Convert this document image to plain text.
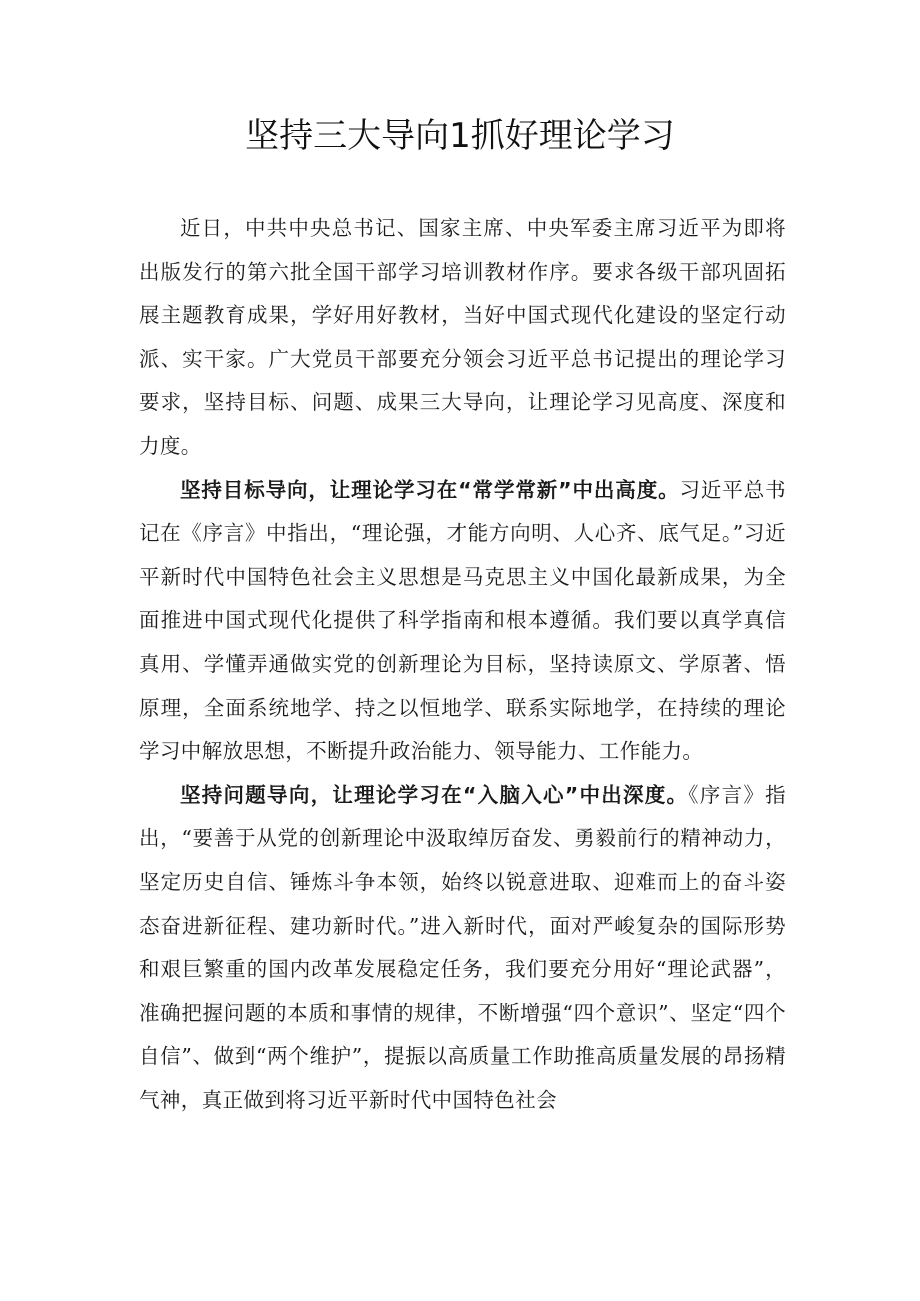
坚持三大导向1抓好理论学习

近日，中共中央总书记、国家主席、中央军委主席习近平为即将出版发行的第六批全国干部学习培训教材作序。要求各级干部巩固拓展主题教育成果，学好用好教材，当好中国式现代化建设的坚定行动派、实干家。广大党员干部要充分领会习近平总书记提出的理论学习要求，坚持目标、问题、成果三大导向，让理论学习见高度、深度和力度。

坚持目标导向，让理论学习在“常学常新”中出高度。习近平总书记在《序言》中指出，“理论强，才能方向明、人心齐、底气足。”习近平新时代中国特色社会主义思想是马克思主义中国化最新成果，为全面推进中国式现代化提供了科学指南和根本遵循。我们要以真学真信真用、学懂弄通做实党的创新理论为目标，坚持读原文、学原著、悟原理，全面系统地学、持之以恒地学、联系实际地学，在持续的理论学习中解放思想，不断提升政治能力、领导能力、工作能力。

坚持问题导向，让理论学习在“入脑入心”中出深度。《序言》指出，“要善于从党的创新理论中汲取绰厉奋发、勇毅前行的精神动力，坚定历史自信、锤炼斗争本领，始终以锐意进取、迎难而上的奋斗姿态奋进新征程、建功新时代。”进入新时代，面对严峻复杂的国际形势和艰巨繁重的国内改革发展稳定任务，我们要充分用好“理论武器”，准确把握问题的本质和事情的规律，不断增强“四个意识”、坚定“四个自信”、做到“两个维护”，提振以高质量工作助推高质量发展的昂扬精气神，真正做到将习近平新时代中国特色社会
